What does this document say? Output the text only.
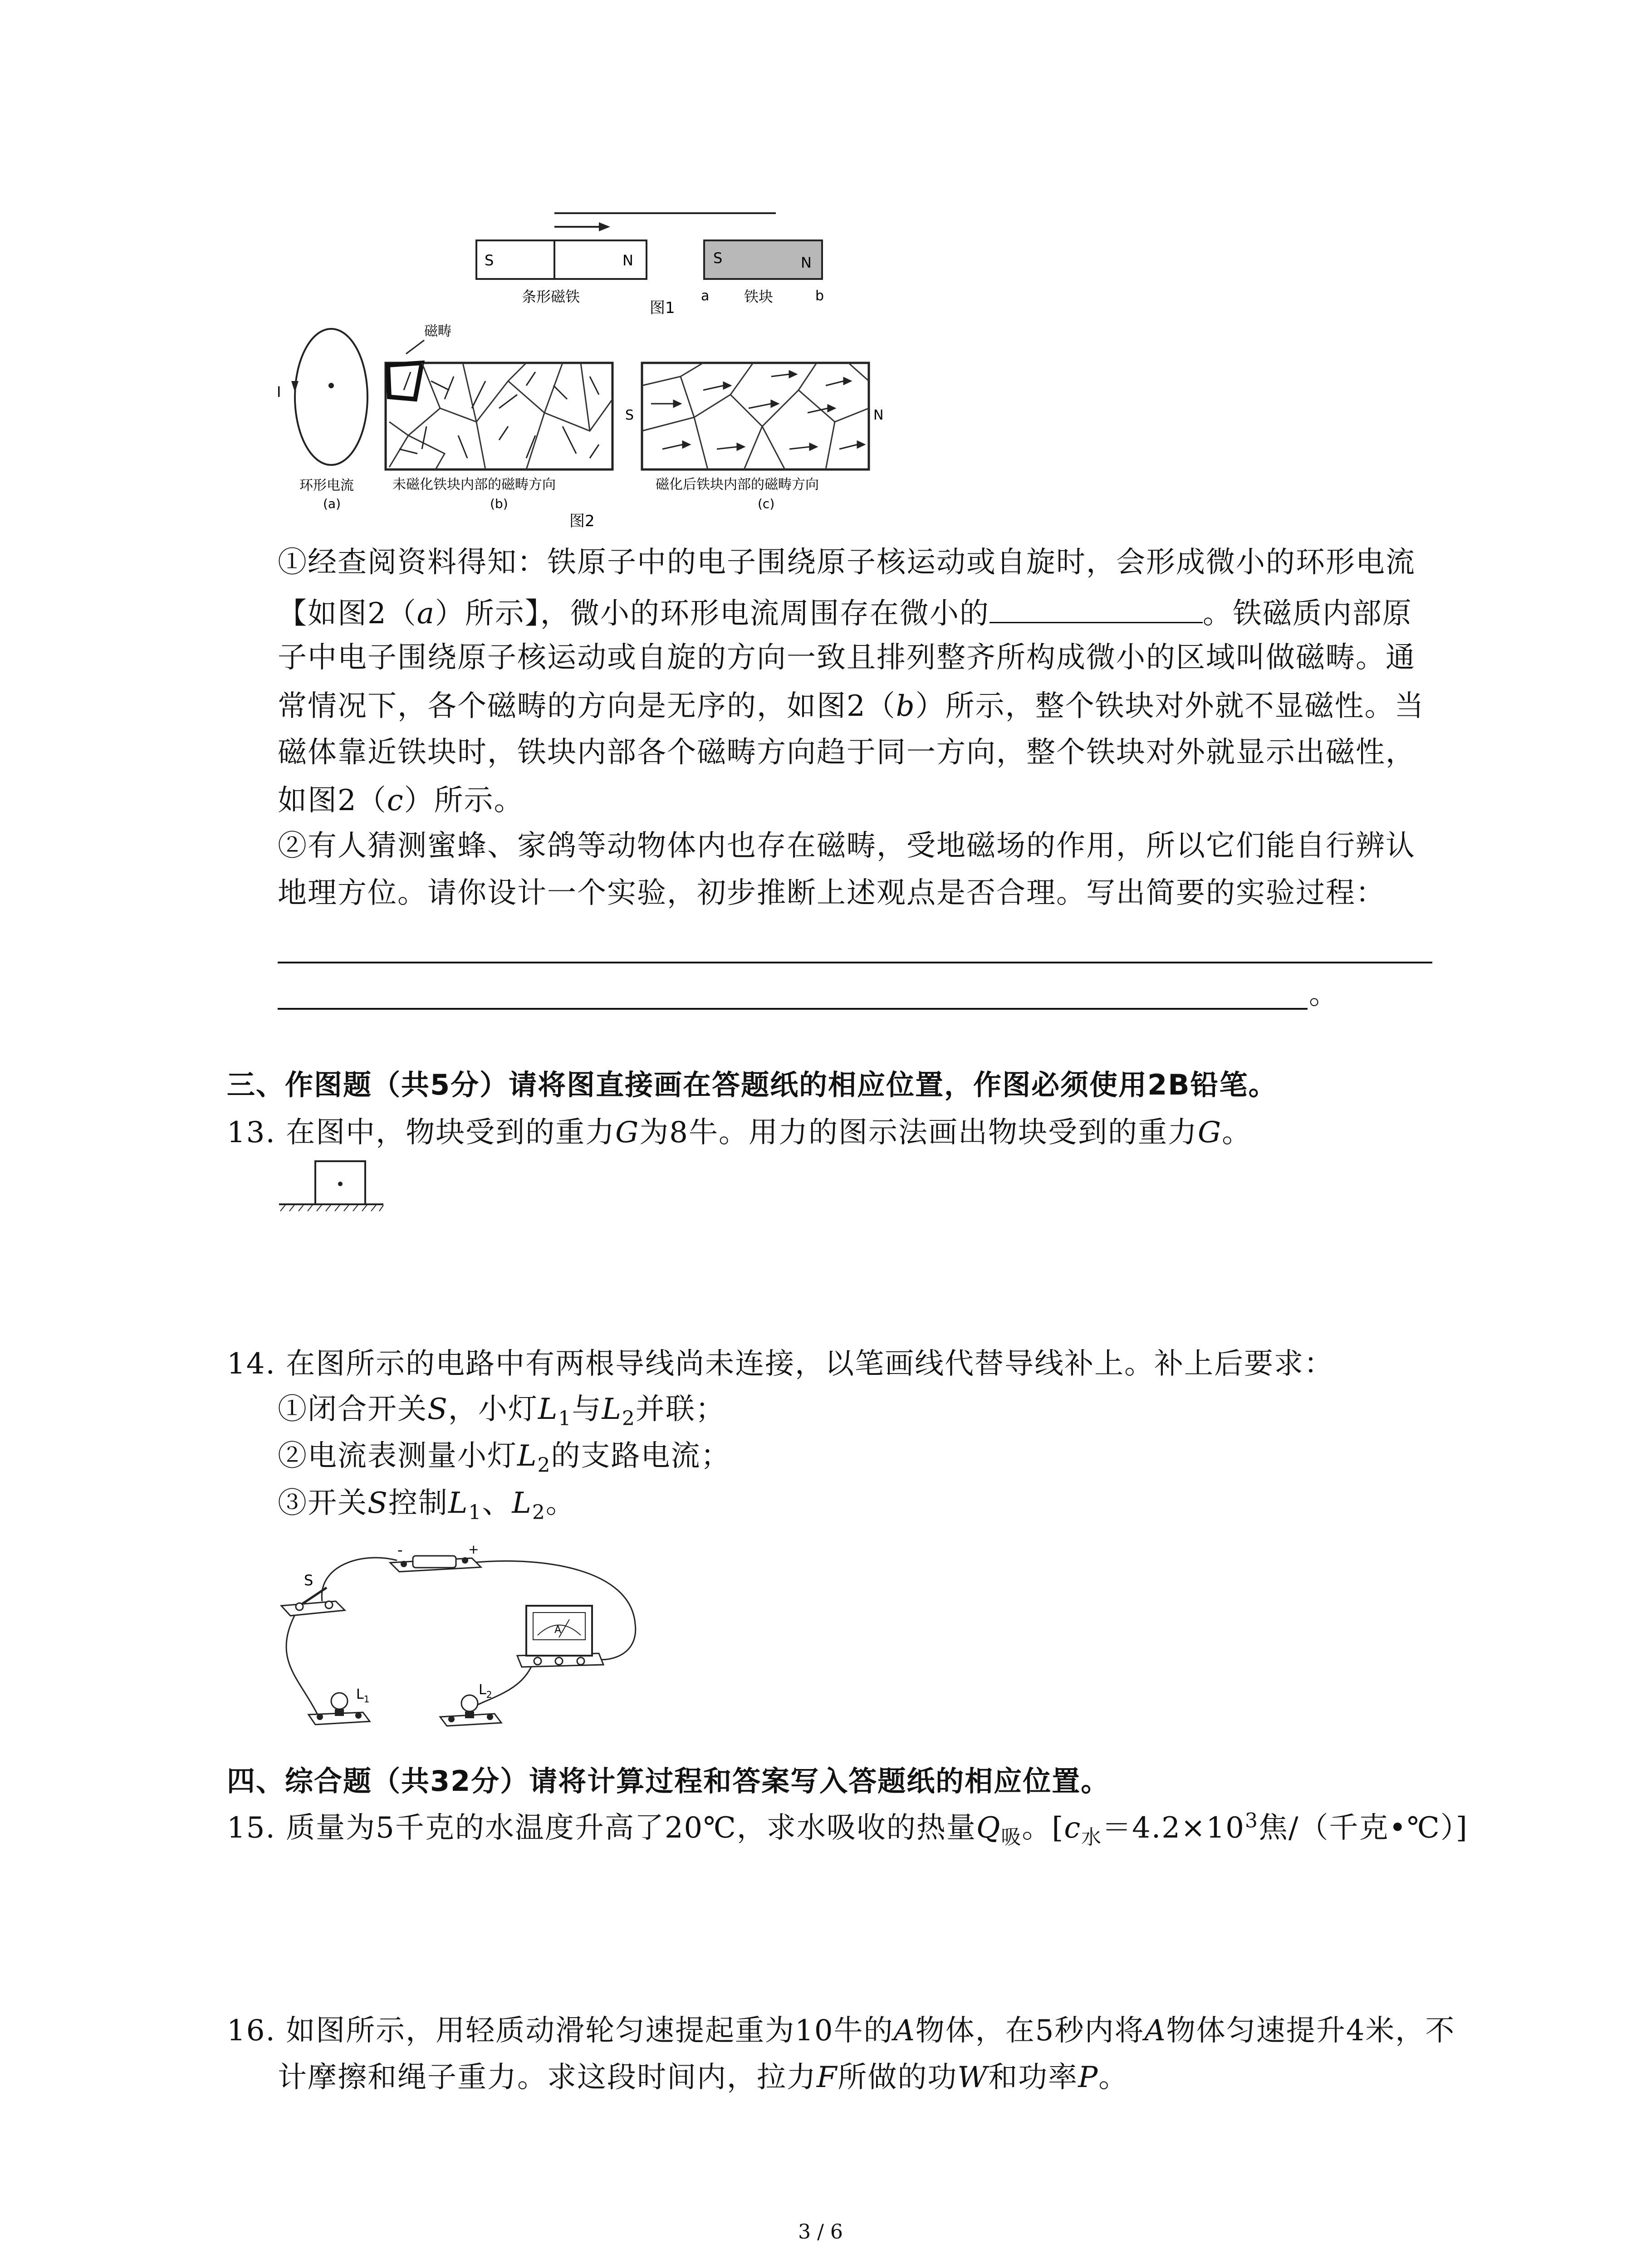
S	N
条形磁铁
S	N
a 铁块	b
图1
I
环形电流
(a)
磁畴
未磁化铁块内部的磁畴方向
(b)
S	N
磁化后铁块内部的磁畴方向
(c)
图2
①经查阅资料得知：铁原子中的电子围绕原子核运动或自旋时，会形成微小的环形电流
【如图2（a）所示】，微小的环形电流周围存在微小的	。铁磁质内部原
子中电子围绕原子核运动或自旋的方向一致且排列整齐所构成微小的区域叫做磁畴。通
常情况下，各个磁畴的方向是无序的，如图2（b）所示，整个铁块对外就不显磁性。当
磁体靠近铁块时，铁块内部各个磁畴方向趋于同一方向，整个铁块对外就显示出磁性，
如图2（c）所示。
②有人猜测蜜蜂、家鸽等动物体内也存在磁畴，受地磁场的作用，所以它们能自行辨认
地理方位。请你设计一个实验，初步推断上述观点是否合理。写出简要的实验过程：
。
三、作图题（共5分）请将图直接画在答题纸的相应位置，作图必须使用2B铅笔。
13. 在图中，物块受到的重力G为8牛。用力的图示法画出物块受到的重力G。
14. 在图所示的电路中有两根导线尚未连接，以笔画线代替导线补上。补上后要求：
①闭合开关S，小灯$L_1$与$L_2$并联；
②电流表测量小灯$L_2$的支路电流；
③开关S控制$L_1$、$L_2$。
S
-	+
A
$L_1$
$L_2$
四、综合题（共32分）请将计算过程和答案写入答题纸的相应位置。
15. 质量为5千克的水温度升高了20℃，求水吸收的热量$Q_吸$。[$c_水=4.2\times 10^3$焦/（千克•℃）]
16. 如图所示，用轻质动滑轮匀速提起重为10牛的A物体，在5秒内将A物体匀速提升4米，不
计摩擦和绳子重力。求这段时间内，拉力F所做的功W和功率P。
3 / 6
